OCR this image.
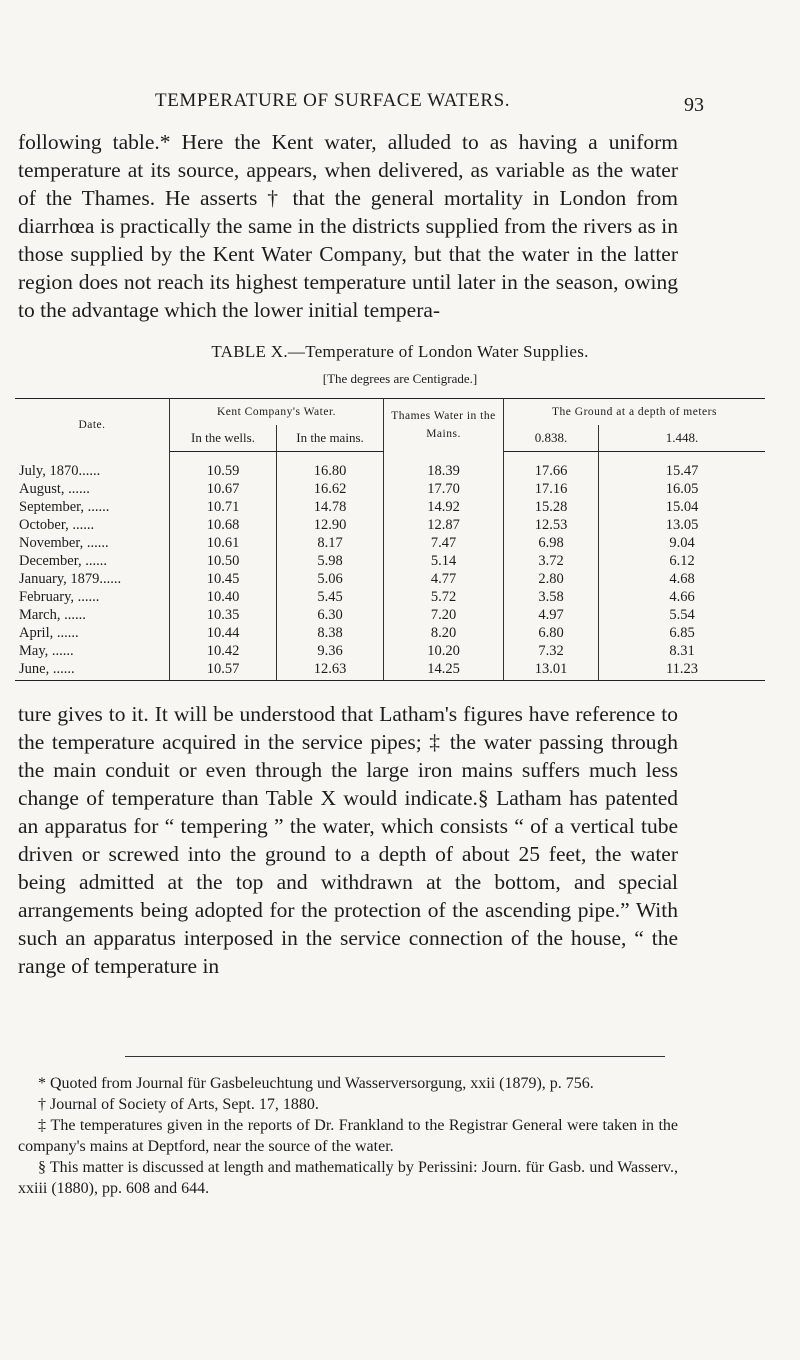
TEMPERATURE OF SURFACE WATERS.	93

following table.* Here the Kent water, alluded to as having a uniform temperature at its source, appears, when delivered, as variable as the water of the Thames. He asserts † that the general mortality in London from diarrhœa is practically the same in the districts supplied from the rivers as in those supplied by the Kent Water Company, but that the water in the latter region does not reach its highest temperature until later in the season, owing to the advantage which the lower initial tempera-

TABLE X.—Temperature of London Water Supplies.
[The degrees are Centigrade.]
Date.	Kent Company's Water.		Thames Water in the Mains.	The Ground at a depth of meters	
	In the wells.	In the mains.		0.838.	1.448.
July, 1870......	10.59	16.80	18.39	17.66	15.47
August, ......	10.67	16.62	17.70	17.16	16.05
September, ......	10.71	14.78	14.92	15.28	15.04
October, ......	10.68	12.90	12.87	12.53	13.05
November, ......	10.61	8.17	7.47	6.98	9.04
December, ......	10.50	5.98	5.14	3.72	6.12
January, 1879......	10.45	5.06	4.77	2.80	4.68
February, ......	10.40	5.45	5.72	3.58	4.66
March, ......	10.35	6.30	7.20	4.97	5.54
April, ......	10.44	8.38	8.20	6.80	6.85
May, ......	10.42	9.36	10.20	7.32	8.31
June, ......	10.57	12.63	14.25	13.01	11.23

ture gives to it. It will be understood that Latham's figures have reference to the temperature acquired in the service pipes; ‡ the water passing through the main conduit or even through the large iron mains suffers much less change of temperature than Table X would indicate.§ Latham has patented an apparatus for “ tempering ” the water, which consists “ of a vertical tube driven or screwed into the ground to a depth of about 25 feet, the water being admitted at the top and withdrawn at the bottom, and special arrangements being adopted for the protection of the ascending pipe.” With such an apparatus interposed in the service connection of the house, “ the range of temperature in

* Quoted from Journal für Gasbeleuchtung und Wasserversorgung, xxii (1879), p. 756.

† Journal of Society of Arts, Sept. 17, 1880.

‡ The temperatures given in the reports of Dr. Frankland to the Registrar General were taken in the company's mains at Deptford, near the source of the water.

§ This matter is discussed at length and mathematically by Perissini: Journ. für Gasb. und Wasserv., xxiii (1880), pp. 608 and 644.
